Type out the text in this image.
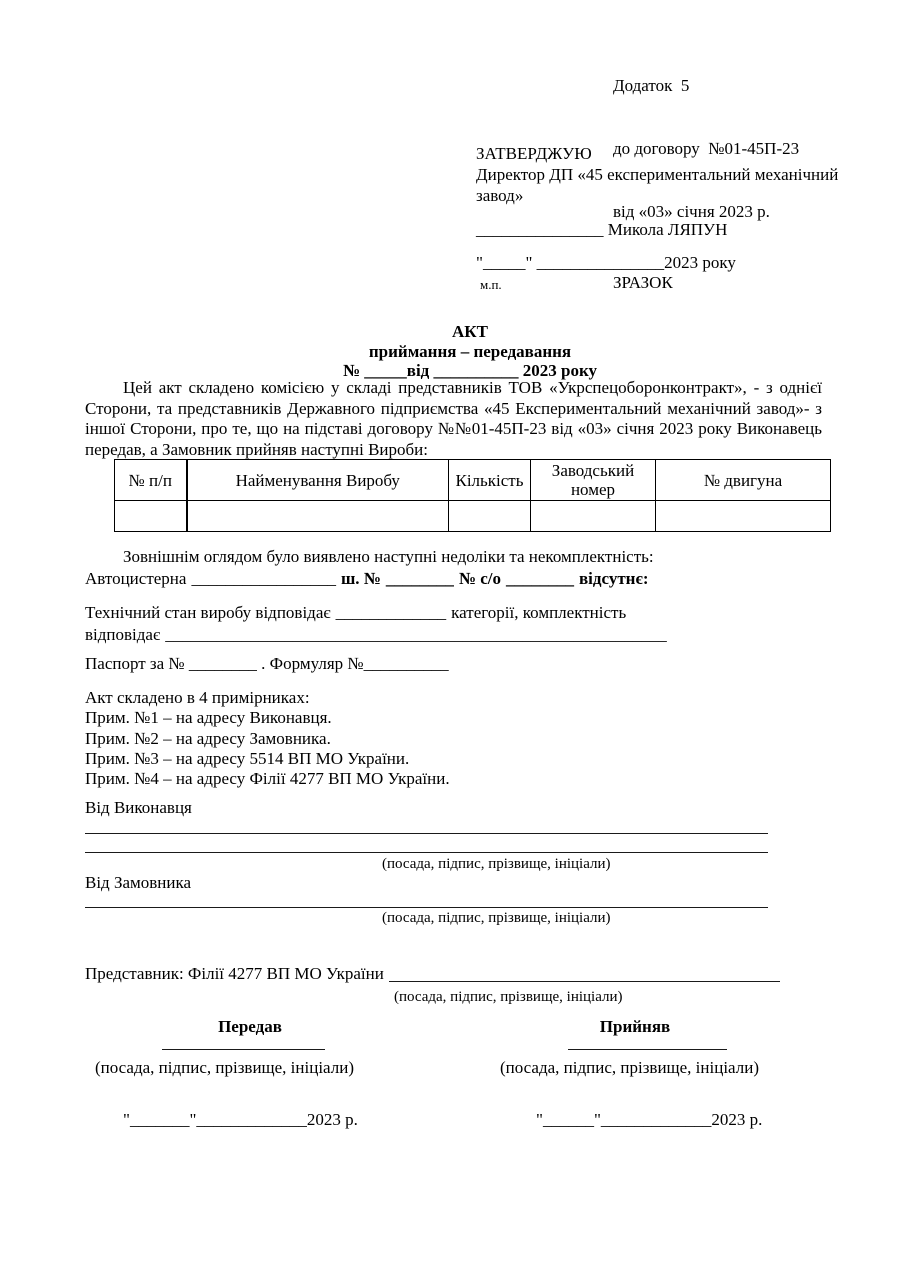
Додаток  5

до договору  №01-45П-23

від «03» січня 2023 р.

ЗРАЗОК

ЗАТВЕРДЖУЮ
Директор ДП «45 експериментальний механічний завод»
_______________ Микола ЛЯПУН
"_____" _______________2023 року
м.п.
АКТ
приймання – передавання
№ _____від __________ 2023 року

Цей акт складено комісією у складі представників ТОВ «Укрспецоборонконтракт», - з однієї Сторони, та представників Державного підприємства «45 Експериментальний механічний завод»- з іншої Сторони, про те, що на підставі договору №№01-45П-23 від «03» січня 2023 року Виконавець передав, а Замовник прийняв наступні Вироби:

№ п/п	Найменування Виробу	Кількість	Заводський номер	№ двигуна

Зовнішнім оглядом було виявлено наступні недоліки та некомплектність:
Автоцистерна _________________ ш. № ________ № с/о ________ відсутнє:
Технічний стан виробу відповідає _____________ категорії, комплектність
відповідає ___________________________________________________________
Паспорт за № ________ . Формуляр №__________
Акт складено в 4 примірниках:
Прим. №1 – на адресу Виконавця.
Прим. №2 – на адресу Замовника.
Прим. №3 – на адресу 5514 ВП МО України.
Прим. №4 – на адресу Філії 4277 ВП МО України.
Від Виконавця
(посада, підпис, прізвище, ініціали)
Від Замовника
(посада, підпис, прізвище, ініціали)
Представник: Філії 4277 ВП МО України
(посада, підпис, прізвище, ініціали)
Передав	Прийняв
(посада, підпис, прізвище, ініціали)	(посада, підпис, прізвище, ініціали)
"_______"_____________2023 р.	"______"_____________2023 р.
